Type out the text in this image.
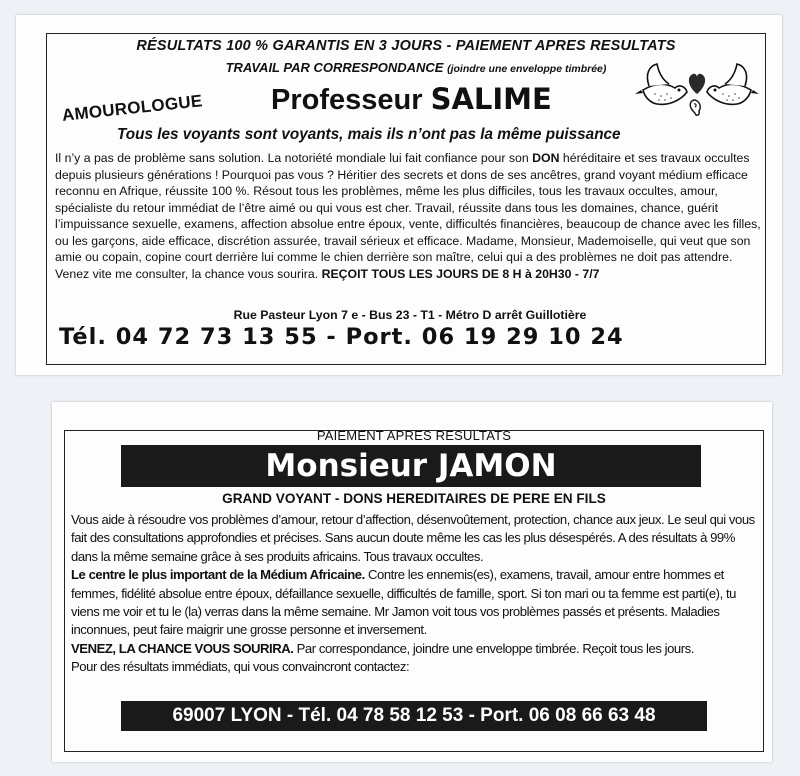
RÉSULTATS 100 % GARANTIS EN 3 JOURS - PAIEMENT APRES RESULTATS
TRAVAIL PAR CORRESPONDANCE (joindre une enveloppe timbrée)
AMOUROLOGUE Professeur SALIME
Tous les voyants sont voyants, mais ils n’ont pas la même puissance
Il n’y a pas de problème sans solution. La notoriété mondiale lui fait confiance pour son DON héréditaire et ses travaux occultes depuis plusieurs générations ! Pourquoi pas vous ? Héritier des secrets et dons de ses ancêtres, grand voyant médium efficace reconnu en Afrique, réussite 100 %. Résout tous les problèmes, même les plus difficiles, tous les travaux occultes, amour, spécialiste du retour immédiat de l’être aimé ou qui vous est cher. Travail, réussite dans tous les domaines, chance, guérit l’impuissance sexuelle, examens, affection absolue entre époux, vente, difficultés financières, beaucoup de chance avec les filles, ou les garçons, aide efficace, discrétion assurée, travail sérieux et efficace. Madame, Monsieur, Mademoiselle, qui veut que son amie ou copain, copine court derrière lui comme le chien derrière son maître, celui qui a des problèmes ne doit pas attendre. Venez vite me consulter, la chance vous sourira. REÇOIT TOUS LES JOURS DE 8 H à 20H30 - 7/7
Rue Pasteur Lyon 7 e - Bus 23 - T1 - Métro D arrêt Guillotière
Tél. 04 72 73 13 55 - Port. 06 19 29 10 24
PAIEMENT APRES RESULTATS
Monsieur JAMON
GRAND VOYANT - DONS HEREDITAIRES DE PERE EN FILS
Vous aide à résoudre vos problèmes d’amour, retour d’affection, désenvoûtement, protection, chance aux jeux. Le seul qui vous fait des consultations approfondies et précises. Sans aucun doute même les cas les plus désespérés. A des résultats à 99% dans la même semaine grâce à ses produits africains. Tous travaux occultes.
Le centre le plus important de la Médium Africaine. Contre les ennemis(es), examens, travail, amour entre hommes et femmes, fidélité absolue entre époux, défaillance sexuelle, difficultés de famille, sport. Si ton mari ou ta femme est parti(e), tu viens me voir et tu le (la) verras dans la même semaine. Mr Jamon voit tous vos problèmes passés et présents. Maladies inconnues, peut faire maigrir une grosse personne et inversement.
VENEZ, LA CHANCE VOUS SOURIRA. Par correspondance, joindre une enveloppe timbrée. Reçoit tous les jours.
Pour des résultats immédiats, qui vous convaincront contactez:
69007 LYON - Tél. 04 78 58 12 53 - Port. 06 08 66 63 48
